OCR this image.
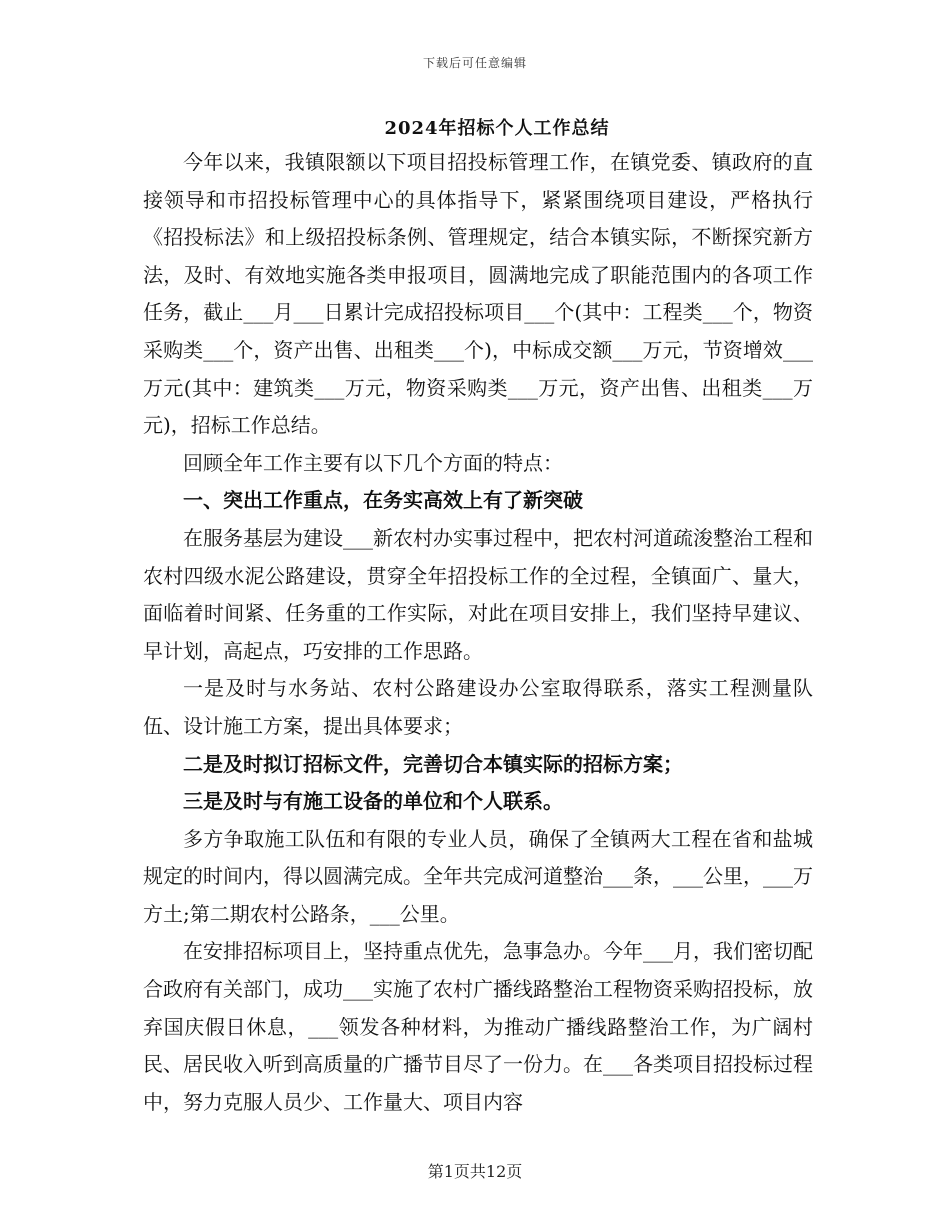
下载后可任意编辑
2024年招标个人工作总结

今年以来，我镇限额以下项目招投标管理工作，在镇党委、镇政府的直接领导和市招投标管理中心的具体指导下，紧紧围绕项目建设，严格执行《招投标法》和上级招投标条例、管理规定，结合本镇实际，不断探究新方法，及时、有效地实施各类申报项目，圆满地完成了职能范围内的各项工作任务，截止___月___日累计完成招投标项目___个(其中：工程类___个，物资采购类___个，资产出售、出租类___个)，中标成交额___万元，节资增效___万元(其中：建筑类___万元，物资采购类___万元，资产出售、出租类___万元)，招标工作总结。

回顾全年工作主要有以下几个方面的特点：

一、突出工作重点，在务实高效上有了新突破

在服务基层为建设___新农村办实事过程中，把农村河道疏浚整治工程和农村四级水泥公路建设，贯穿全年招投标工作的全过程，全镇面广、量大，面临着时间紧、任务重的工作实际，对此在项目安排上，我们坚持早建议、早计划，高起点，巧安排的工作思路。

一是及时与水务站、农村公路建设办公室取得联系，落实工程测量队伍、设计施工方案，提出具体要求；

二是及时拟订招标文件，完善切合本镇实际的招标方案；

三是及时与有施工设备的单位和个人联系。

多方争取施工队伍和有限的专业人员，确保了全镇两大工程在省和盐城规定的时间内，得以圆满完成。全年共完成河道整治___条，___公里，___万方土;第二期农村公路条，___公里。

在安排招标项目上，坚持重点优先，急事急办。今年___月，我们密切配合政府有关部门，成功___实施了农村广播线路整治工程物资采购招投标，放弃国庆假日休息，___领发各种材料，为推动广播线路整治工作，为广阔村民、居民收入听到高质量的广播节目尽了一份力。在___各类项目招投标过程中，努力克服人员少、工作量大、项目内容

第1页共12页
